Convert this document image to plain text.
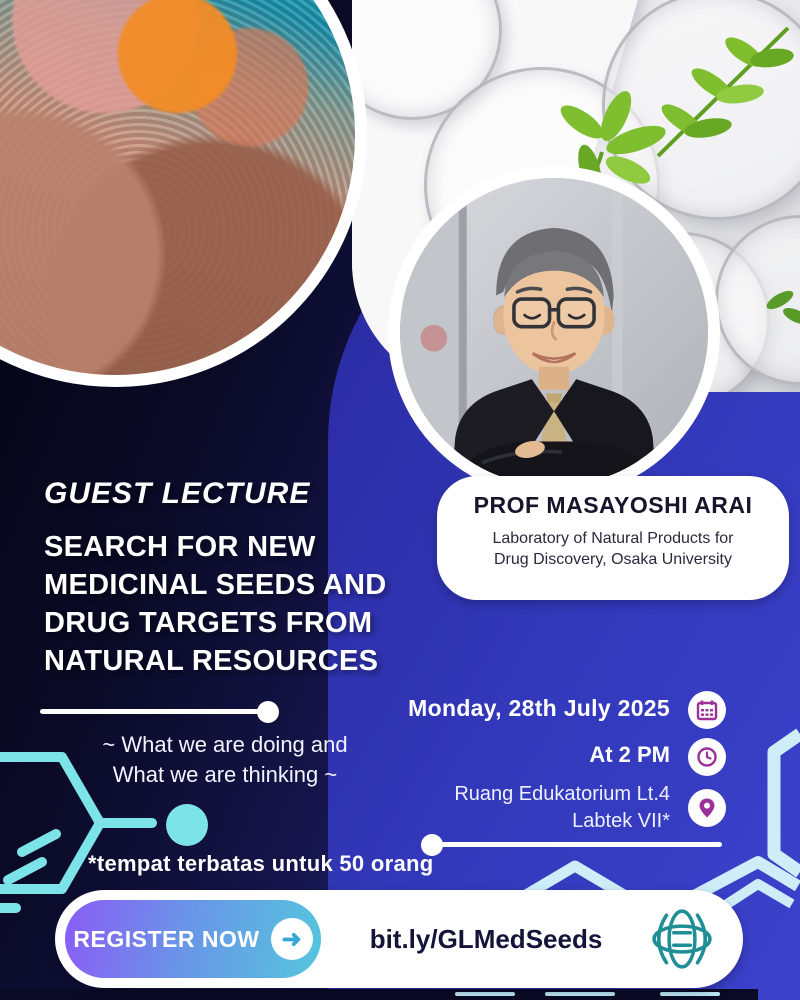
PROF MASAYOSHI ARAI
Laboratory of Natural Products for
Drug Discovery, Osaka University
GUEST LECTURE
SEARCH FOR NEW
MEDICINAL SEEDS AND
DRUG TARGETS FROM
NATURAL RESOURCES
~ What we are doing and
What we are thinking ~
Monday, 28th July 2025
At 2 PM
Ruang Edukatorium Lt.4
Labtek VII*
*tempat terbatas untuk 50 orang
REGISTER NOW ➜	bit.ly/GLMedSeeds
